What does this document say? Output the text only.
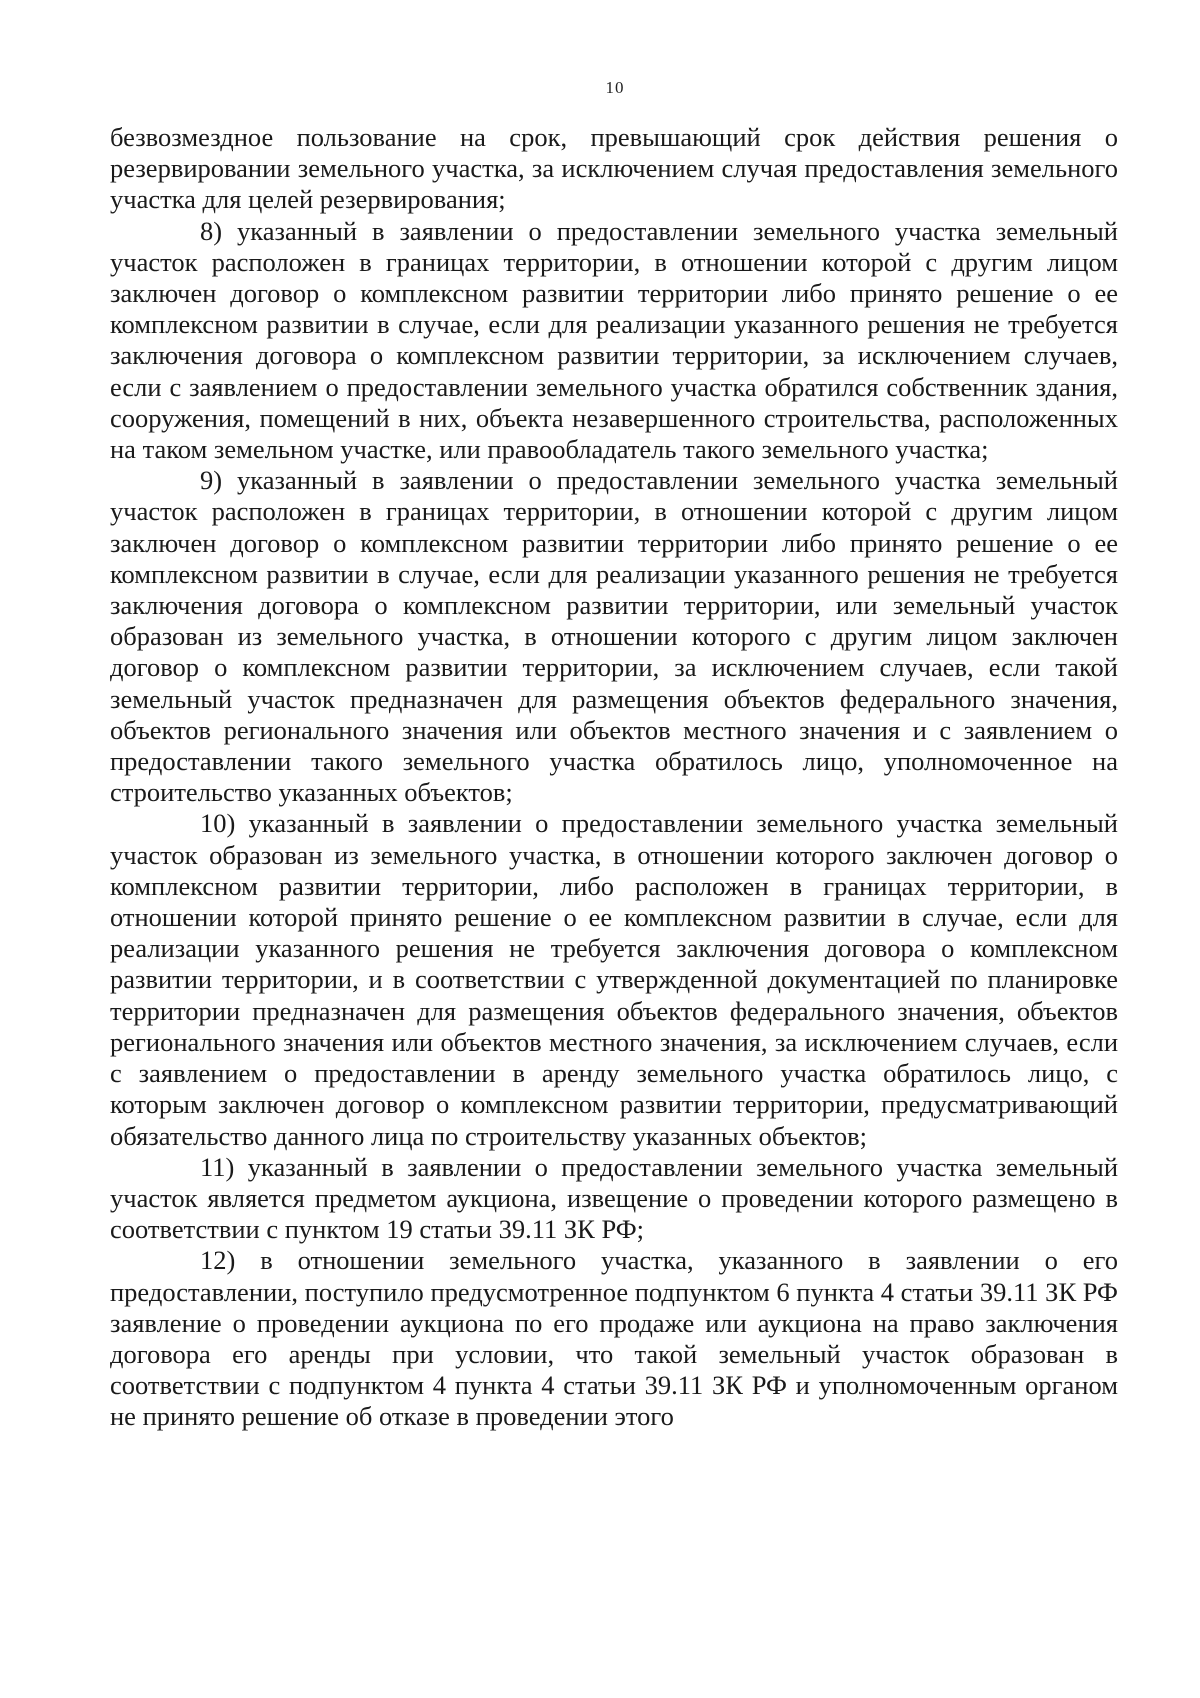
10

безвозмездное пользование на срок, превышающий срок действия решения о резервировании земельного участка, за исключением случая предоставления земельного участка для целей резервирования;

8) указанный в заявлении о предоставлении земельного участка земельный участок расположен в границах территории, в отношении которой с другим лицом заключен договор о комплексном развитии территории либо принято решение о ее комплексном развитии в случае, если для реализации указанного решения не требуется заключения договора о комплексном развитии территории, за исключением случаев, если с заявлением о предоставлении земельного участка обратился собственник здания, сооружения, помещений в них, объекта незавершенного строительства, расположенных на таком земельном участке, или правообладатель такого земельного участка;

9) указанный в заявлении о предоставлении земельного участка земельный участок расположен в границах территории, в отношении которой с другим лицом заключен договор о комплексном развитии территории либо принято решение о ее комплексном развитии в случае, если для реализации указанного решения не требуется заключения договора о комплексном развитии территории, или земельный участок образован из земельного участка, в отношении которого с другим лицом заключен договор о комплексном развитии территории, за исключением случаев, если такой земельный участок предназначен для размещения объектов федерального значения, объектов регионального значения или объектов местного значения и с заявлением о предоставлении такого земельного участка обратилось лицо, уполномоченное на строительство указанных объектов;

10) указанный в заявлении о предоставлении земельного участка земельный участок образован из земельного участка, в отношении которого заключен договор о комплексном развитии территории, либо расположен в границах территории, в отношении которой принято решение о ее комплексном развитии в случае, если для реализации указанного решения не требуется заключения договора о комплексном развитии территории, и в соответствии с утвержденной документацией по планировке территории предназначен для размещения объектов федерального значения, объектов регионального значения или объектов местного значения, за исключением случаев, если с заявлением о предоставлении в аренду земельного участка обратилось лицо, с которым заключен договор о комплексном развитии территории, предусматривающий обязательство данного лица по строительству указанных объектов;

11) указанный в заявлении о предоставлении земельного участка земельный участок является предметом аукциона, извещение о проведении которого размещено в соответствии с пунктом 19 статьи 39.11 ЗК РФ;

12) в отношении земельного участка, указанного в заявлении о его предоставлении, поступило предусмотренное подпунктом 6 пункта 4 статьи 39.11 ЗК РФ заявление о проведении аукциона по его продаже или аукциона на право заключения договора его аренды при условии, что такой земельный участок образован в соответствии с подпунктом 4 пункта 4 статьи 39.11 ЗК РФ и уполномоченным органом не принято решение об отказе в проведении этого
